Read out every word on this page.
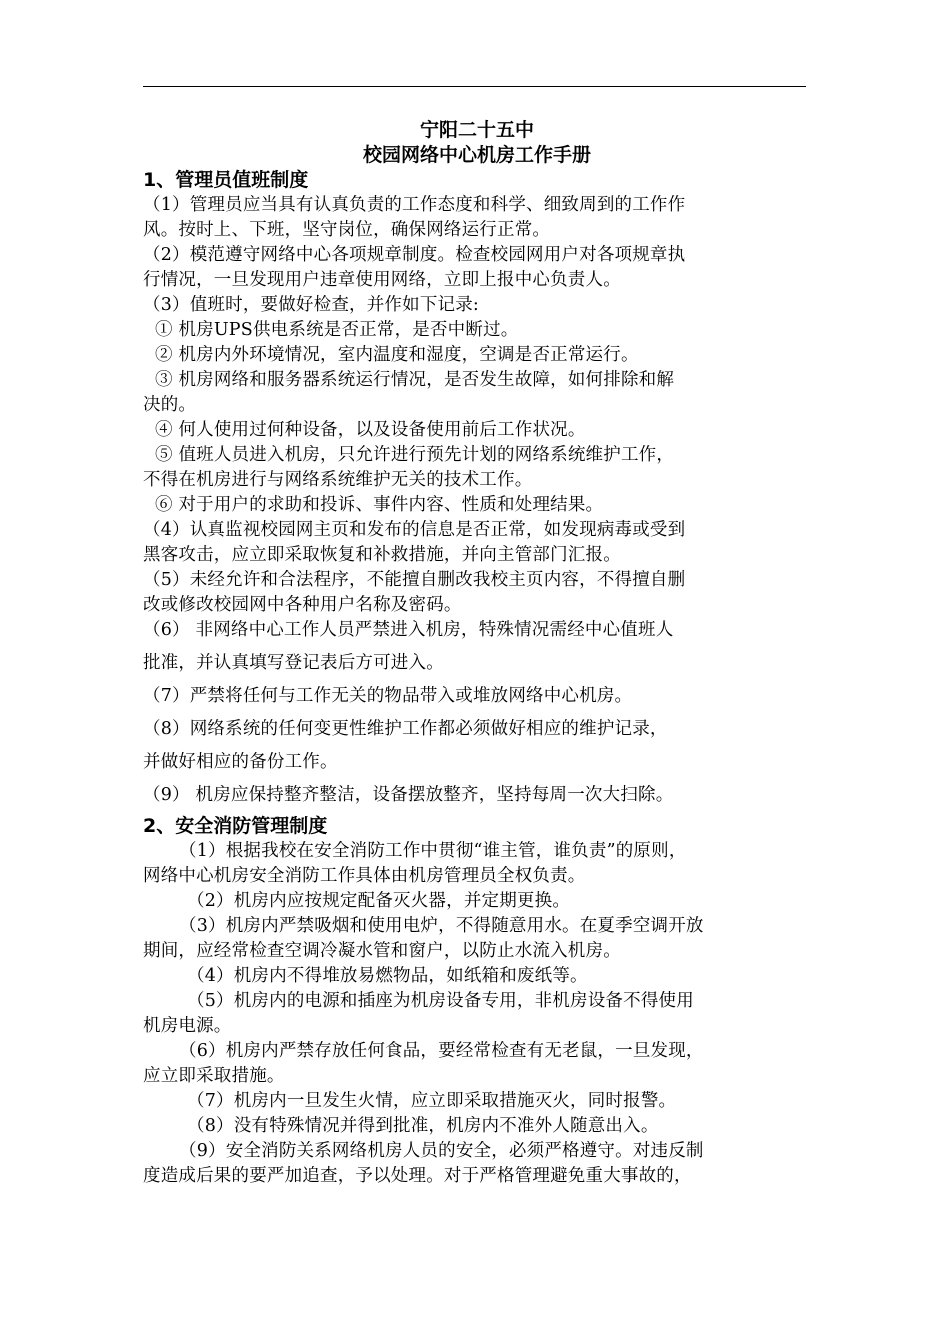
宁阳二十五中
校园网络中心机房工作手册
1、管理员值班制度

（1）管理员应当具有认真负责的工作态度和科学、细致周到的工作作

风。按时上、下班，坚守岗位，确保网络运行正常。

（2）模范遵守网络中心各项规章制度。检查校园网用户对各项规章执

行情况，一旦发现用户违章使用网络，立即上报中心负责人。

（3）值班时，要做好检查，并作如下记录:

① 机房UPS供电系统是否正常，是否中断过。

② 机房内外环境情况，室内温度和湿度，空调是否正常运行。

③ 机房网络和服务器系统运行情况，是否发生故障，如何排除和解

决的。

④ 何人使用过何种设备，以及设备使用前后工作状况。

⑤ 值班人员进入机房，只允许进行预先计划的网络系统维护工作，

不得在机房进行与网络系统维护无关的技术工作。

⑥ 对于用户的求助和投诉、事件内容、性质和处理结果。

（4）认真监视校园网主页和发布的信息是否正常，如发现病毒或受到

黑客攻击，应立即采取恢复和补救措施，并向主管部门汇报。

（5）未经允许和合法程序，不能擅自删改我校主页内容，不得擅自删

改或修改校园网中各种用户名称及密码。

（6） 非网络中心工作人员严禁进入机房，特殊情况需经中心值班人

批准，并认真填写登记表后方可进入。

（7）严禁将任何与工作无关的物品带入或堆放网络中心机房。

（8）网络系统的任何变更性维护工作都必须做好相应的维护记录，

并做好相应的备份工作。

（9） 机房应保持整齐整洁，设备摆放整齐，坚持每周一次大扫除。

2、安全消防管理制度

（1）根据我校在安全消防工作中贯彻“谁主管，谁负责”的原则，

网络中心机房安全消防工作具体由机房管理员全权负责。

（2）机房内应按规定配备灭火器，并定期更换。

（3）机房内严禁吸烟和使用电炉，不得随意用水。在夏季空调开放

期间，应经常检查空调冷凝水管和窗户，以防止水流入机房。

（4）机房内不得堆放易燃物品，如纸箱和废纸等。

（5）机房内的电源和插座为机房设备专用，非机房设备不得使用

机房电源。

（6）机房内严禁存放任何食品，要经常检查有无老鼠，一旦发现，

应立即采取措施。

（7）机房内一旦发生火情，应立即采取措施灭火，同时报警。

（8）没有特殊情况并得到批准，机房内不准外人随意出入。

（9）安全消防关系网络机房人员的安全，必须严格遵守。对违反制

度造成后果的要严加追查，予以处理。对于严格管理避免重大事故的，
